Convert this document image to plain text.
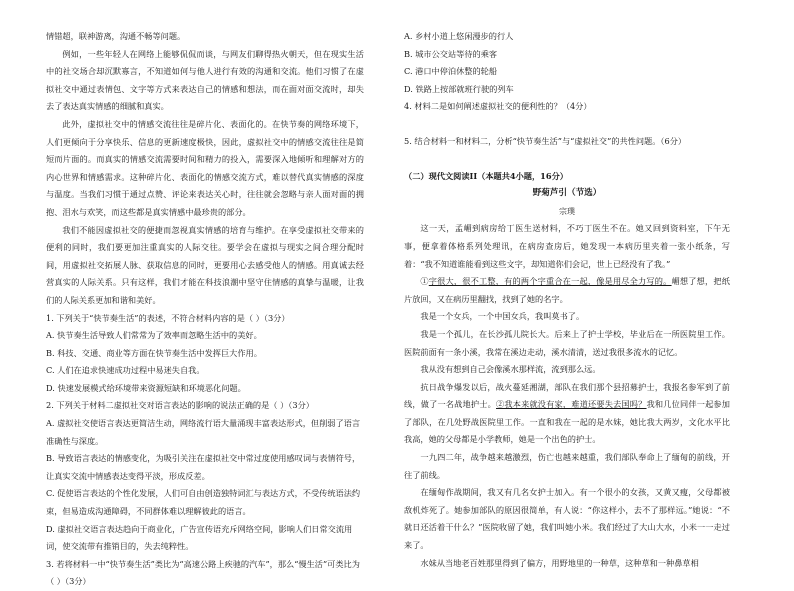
情错超，联神游离，沟通不畅等问题。

例如，一些年轻人在网络上能够侃侃而谈，与网友们聊得热火朝天，但在现实生活中的社交场合却沉默寡言，不知道如何与他人进行有效的沟通和交流。他们习惯了在虚拟社交中通过表情包、文字等方式来表达自己的情感和想法，而在面对面交流时，却失去了表达真实情感的细腻和真实。

此外，虚拟社交中的情感交流往往是碎片化、表面化的。在快节奏的网络环境下，人们更倾向于分享快乐、信息的更新速度极快，因此，虚拟社交中的情感交流往往是简短而片面的。而真实的情感交流需要时间和精力的投入，需要深入地倾听和理解对方的内心世界和情感需求。这种碎片化、表面化的情感交流方式，难以替代真实情感的深度与温度。当我们习惯于通过点赞、评论来表达关心时，往往就会忽略与亲人面对面的拥抱、泪水与欢笑，而这些都是真实情感中最珍贵的部分。

我们不能因虚拟社交的便捷而忽视真实情感的培育与维护。在享受虚拟社交带来的便利的同时，我们要更加注重真实的人际交往。要学会在虚拟与现实之间合理分配时间，用虚拟社交拓展人脉、获取信息的同时，更要用心去感受他人的情感。用真诚去经营真实的人际关系。只有这样，我们才能在科技浪潮中坚守住情感的真挚与温暖，让我们的人际关系更加和谐和美好。

1. 下列关于“快节奏生活”的表述，不符合材料内容的是（ ）（3分）

A. 快节奏生活导致人们常常为了效率而忽略生活中的美好。

B. 科技、交通、商业等方面在快节奏生活中发挥巨大作用。

C. 人们在追求快速成功过程中易迷失自我。

D. 快速发展模式给环境带来资源短缺和环境恶化问题。

2. 下列关于材料二虚拟社交对语言表达的影响的说法正确的是（ ）（3分）

A. 虚拟社交使语言表达更简洁生动，网络流行语大量涌现丰富表达形式，但削弱了语言准确性与深度。

B. 导致语言表达的情感变化，为吸引关注在虚拟社交中常过度使用感叹词与表情符号，让真实交流中情感表达变得平淡，形成反差。

C. 促使语言表达的个性化发展，人们可自由创造独特词汇与表达方式，不受传统语法约束，但易造成沟通障碍，不同群体难以理解彼此的语言。

D. 虚拟社交语言表达趋向于商业化，广告宣传语充斥网络空间，影响人们日常交流用词，使交流带有推销目的，失去纯粹性。

3. 若将材料一中“快节奏生活”类比为“高速公路上疾驰的汽车”，那么“慢生活”可类比为（ ）（3分）

A. 乡村小道上悠闲漫步的行人

B. 城市公交站等待的乘客

C. 港口中停泊休整的轮船

D. 铁路上按部就班行驶的列车

4. 材料二是如何阐述虚拟社交的便利性的？（4分）

5. 结合材料一和材料二，分析“快节奏生活”与“虚拟社交”的共性问题。（6分）

（二）现代文阅读II（本题共4小题，16分）

野菊芦引（节选）

宗璞

这一天，孟嵋到病房给丁医生送材料，不巧丁医生不在。她又回到资料室，下午无事，便拿着体格系列处理讯，在病房查房后，她发现一本病历里夹着一张小纸条，写着：“我不知道谁能看到这些文字，却知道你们会记，世上已经没有了我。”

①字很大，很不工整，有的两个字重合在一起，像是用尽全力写的。嵋想了想，把纸片放回，又在病历里翻找，找到了她的名字。

我是一个女兵，一个中国女兵，我叫莫书了。

我是一个孤儿，在长沙孤儿院长大。后来上了护士学校，毕业后在一所医院里工作。医院前面有一条小溪，我常在溪边走动，溪水清清，送过我很多流水的记忆。

我从没有想到自己会像溪水那样流，流到那么远。

抗日战争爆发以后，战火蔓延湘湖，部队在我们那个县招募护士，我报名参军到了前线，做了一名战地护士。②我本来就没有家，难道还要失去国吗？我和几位同伴一起参加了部队，在几处野战医院里工作。一直和我在一起的是水妹，她比我大两岁，文化水平比我高，她的父母都是小学教师，她是一个出色的护士。

一九四二年，战争越来越激烈，伤亡也越来越重，我们部队奉命上了缅甸的前线，开往了前线。

在缅甸作战期间，我又有几名女护士加入。有一个很小的女孩，又黄又瘦，父母都被敌机炸死了。她参加部队的原因很简单，有人说：“你这样小，去不了那样远。”她说：“不就日还活着干什么？”医院收留了她，我们叫她小米。我们经过了大山大水，小米一一走过来了。

水妹从当地老百姓那里得到了偏方，用野地里的一种草，这种草和一种鼻草相
